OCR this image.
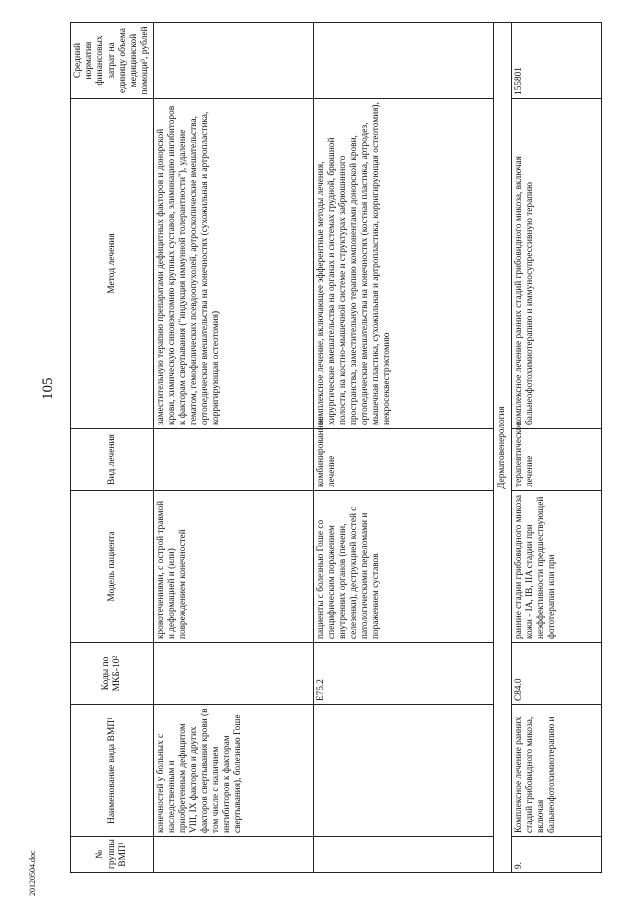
105
20120504.doc	№ группы ВМП¹	Наименование вида ВМП¹	Коды по МКБ-10²	Модель пациента	Вид лечения	Метод лечения	Средний норматив финансовых затрат на единицу объема медицинской помощи³, рублей
	конечностей у больных с наследственным и приобретенным дефицитом VIII, IX факторов и других факторов свертывания крови (в том числе с наличием ингибиторов к факторам свертывания), болезнью Гоше		кровотечениями, с острой травмой и деформацией и (или) повреждением конечностей		заместительную терапию препаратами дефицитных факторов и донорской крови, химическую синовэктомию крупных суставов, элиминацию ингибиторов к факторам свертывания ("индукция иммунной толерантности"), удаление гематом, гемофилических псевдоопухолей, артроскопические вмешательства, ортопедические вмешательства на конечностях (сухожильная и артропластика, корригирующая остеотомия)	
		E75.2	пациенты с болезнью Гоше со специфическим поражением внутренних органов (печени, селезенки), деструкцией костей с патологическими переломами и поражением суставов	комбинированное лечение	комплексное лечение, включающее эфферентные методы лечения, хирургические вмешательства на органах и системах грудной, брюшной полости, на костно-мышечной системе и структурах забрюшинного пространства, заместительную терапию компонентами донорской крови, ортопедические вмешательства на конечностях (костная пластика, артродез, мышечная пластика, сухожильная и артропластика, корригирующая остеотомия), некросеквестрэктомию	
Дерматовенерология						
9.	Комплексное лечение ранних стадий грибовидного микоза, включая бальнеофотохимиотерапию и	C84.0	ранние стадии грибовидного микоза кожи - IA, IB, IIA стадии при неэффективности предшествующей фототерапии или при	терапевтическое лечение	комплексное лечение ранних стадий грибовидного микоза, включая бальнеофотохимиотерапию и иммуносупрессивную терапию	155801
